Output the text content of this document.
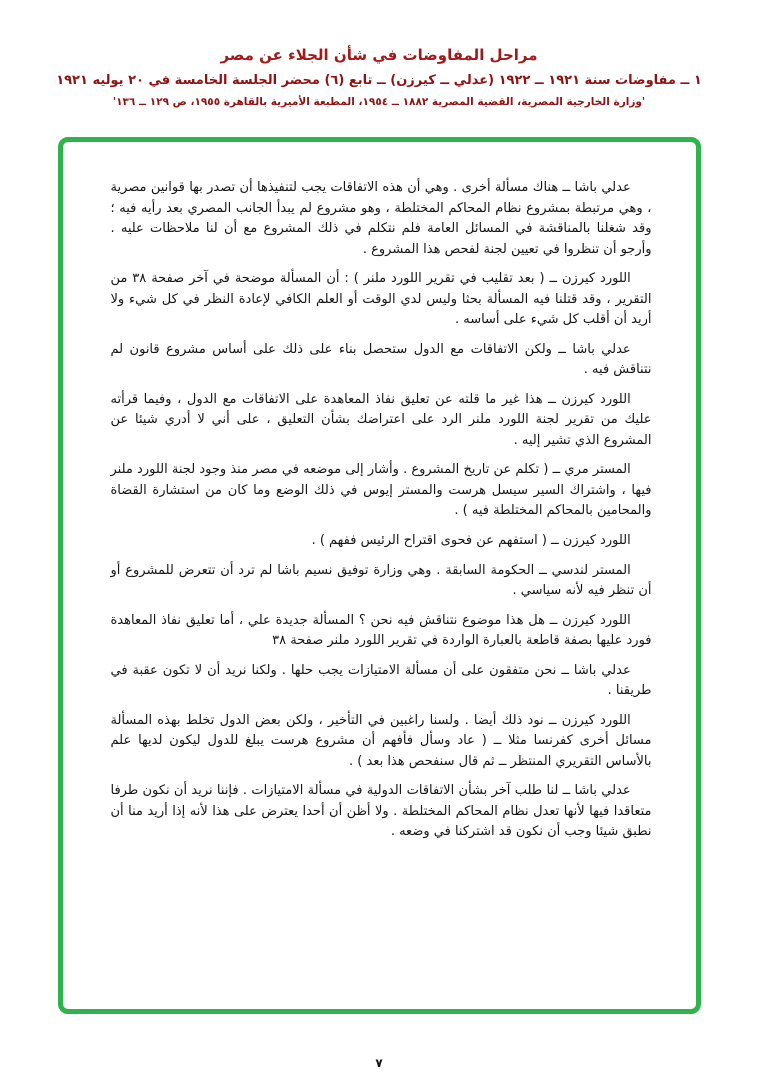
مراحل المفاوضات في شأن الجلاء عن مصر
١ ــ مفاوضات سنة ١٩٢١ ــ ١٩٢٢ (عدلي ــ كيرزن) ــ تابع (٦) محضر الجلسة الخامسة في ٢٠ يوليه ١٩٢١
'وزارة الخارجية المصرية، القضية المصرية ١٨٨٢ ــ ١٩٥٤، المطبعة الأميرية بالقاهرة ١٩٥٥، ص ١٢٩ ــ ١٣٦'

عدلي باشا ــ هناك مسألة أخرى . وهي أن هذه الاتفاقات يجب لتنفيذها أن تصدر بها قوانين مصرية ، وهي مرتبطة بمشروع نظام المحاكم المختلطة ، وهو مشروع لم يبدأ الجانب المصري بعد رأيه فيه ؛ وقد شغلنا بالمناقشة في المسائل العامة فلم نتكلم في ذلك المشروع مع أن لنا ملاحظات عليه . وأرجو أن تنظروا في تعيين لجنة لفحص هذا المشروع .

اللورد كيرزن ــ ( بعد تقليب في تقرير اللورد ملنر ) : أن المسألة موضحة في آخر صفحة ٣٨ من التقرير ، وقد قتلنا فيه المسألة بحثا وليس لدي الوقت أو العلم الكافي لإعادة النظر في كل شيء ولا أريد أن أقلب كل شيء على أساسه .

عدلي باشا ــ ولكن الاتفاقات مع الدول ستحصل بناء على ذلك على أساس مشروع قانون لم نتناقش فيه .

اللورد كيرزن ــ هذا غير ما قلته عن تعليق نفاذ المعاهدة على الاتفاقات مع الدول ، وفيما قرأته عليك من تقرير لجنة اللورد ملنر الرد على اعتراضك بشأن التعليق ، على أني لا أدري شيئا عن المشروع الذي تشير إليه .

المستر مري ــ ( تكلم عن تاريخ المشروع . وأشار إلى موضعه في مصر منذ وجود لجنة اللورد ملنر فيها ، واشتراك السير سيسل هرست والمستر إيوس في ذلك الوضع وما كان من استشارة القضاة والمحامين بالمحاكم المختلطة فيه ) .

اللورد كيرزن ــ ( استفهم عن فحوى اقتراح الرئيس ففهم ) .

المستر لندسي ــ الحكومة السابقة . وهي وزارة توفيق نسيم باشا لم ترد أن تتعرض للمشروع أو أن تنظر فيه لأنه سياسي .

اللورد كيرزن ــ هل هذا موضوع نتناقش فيه نحن ؟ المسألة جديدة علي ، أما تعليق نفاذ المعاهدة فورد عليها بصفة قاطعة بالعبارة الواردة في تقرير اللورد ملنر صفحة ٣٨

عدلي باشا ــ نحن متفقون على أن مسألة الامتيازات يجب حلها . ولكنا نريد أن لا تكون عقبة في طريقنا .

اللورد كيرزن ــ نود ذلك أيضا . ولسنا راغبين في التأخير ، ولكن بعض الدول تخلط بهذه المسألة مسائل أخرى كفرنسا مثلا ــ ( عاد وسأل فأفهم أن مشروع هرست يبلغ للدول ليكون لديها علم بالأساس التقريري المنتظر ــ ثم قال سنفحص هذا بعد ) .

عدلي باشا ــ لنا طلب آخر بشأن الاتفاقات الدولية في مسألة الامتيازات . فإننا نريد أن نكون طرفا متعاقدا فيها لأنها تعدل نظام المحاكم المختلطة . ولا أظن أن أحدا يعترض على هذا لأنه إذا أريد منا أن نطبق شيئا وجب أن نكون قد اشتركنا في وضعه .

٧
